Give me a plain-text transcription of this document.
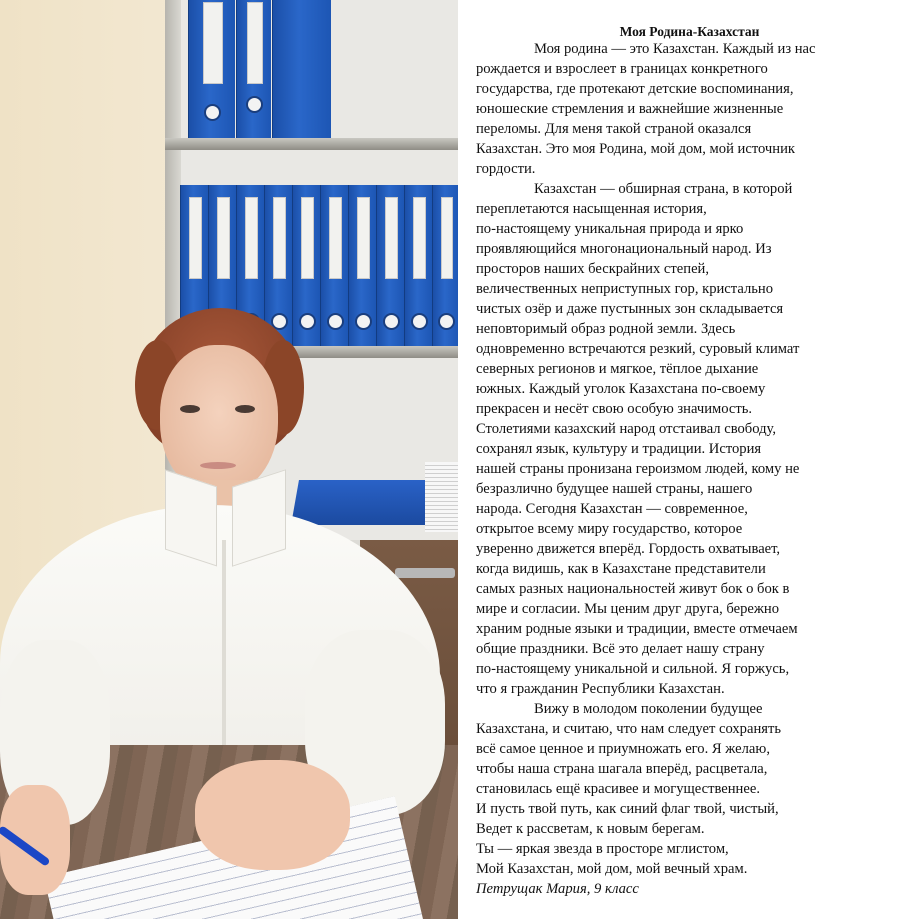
Моя Родина-Казахстан

Моя родина — это Казахстан. Каждый из нас

рождается и взрослеет в границах конкретного

государства, где протекают детские воспоминания,

юношеские стремления и важнейшие жизненные

переломы. Для меня такой страной оказался

Казахстан. Это моя Родина, мой дом, мой источник

гордости.

Казахстан — обширная страна, в которой

переплетаются насыщенная история,

по-настоящему уникальная природа и ярко

проявляющийся многонациональный народ. Из

просторов наших бескрайних степей,

величественных неприступных гор, кристально

чистых озёр и даже пустынных зон складывается

неповторимый образ родной земли. Здесь

одновременно встречаются резкий, суровый климат

северных регионов и мягкое, тёплое дыхание

южных. Каждый уголок Казахстана по-своему

прекрасен и несёт свою особую значимость.

Столетиями казахский народ отстаивал свободу,

сохранял язык, культуру и традиции. История

нашей страны пронизана героизмом людей, кому не

безразлично будущее нашей страны, нашего

народа. Сегодня Казахстан — современное,

открытое всему миру государство, которое

уверенно движется вперёд. Гордость охватывает,

когда видишь, как в Казахстане представители

самых разных национальностей живут бок о бок в

мире и согласии. Мы ценим друг друга, бережно

храним родные языки и традиции, вместе отмечаем

общие праздники. Всё это делает нашу страну

по-настоящему уникальной и сильной. Я горжусь,

что я гражданин Республики Казахстан.

Вижу в молодом поколении будущее

Казахстана, и считаю, что нам следует сохранять

всё самое ценное и приумножать его. Я желаю,

чтобы наша страна шагала вперёд, расцветала,

становилась ещё красивее и могущественнее.

И пусть твой путь, как синий флаг твой, чистый,

Ведет к рассветам, к новым берегам.

Ты — яркая звезда в просторе мглистом,

Мой Казахстан, мой дом, мой вечный храм.

Петрущак Мария, 9 класс
